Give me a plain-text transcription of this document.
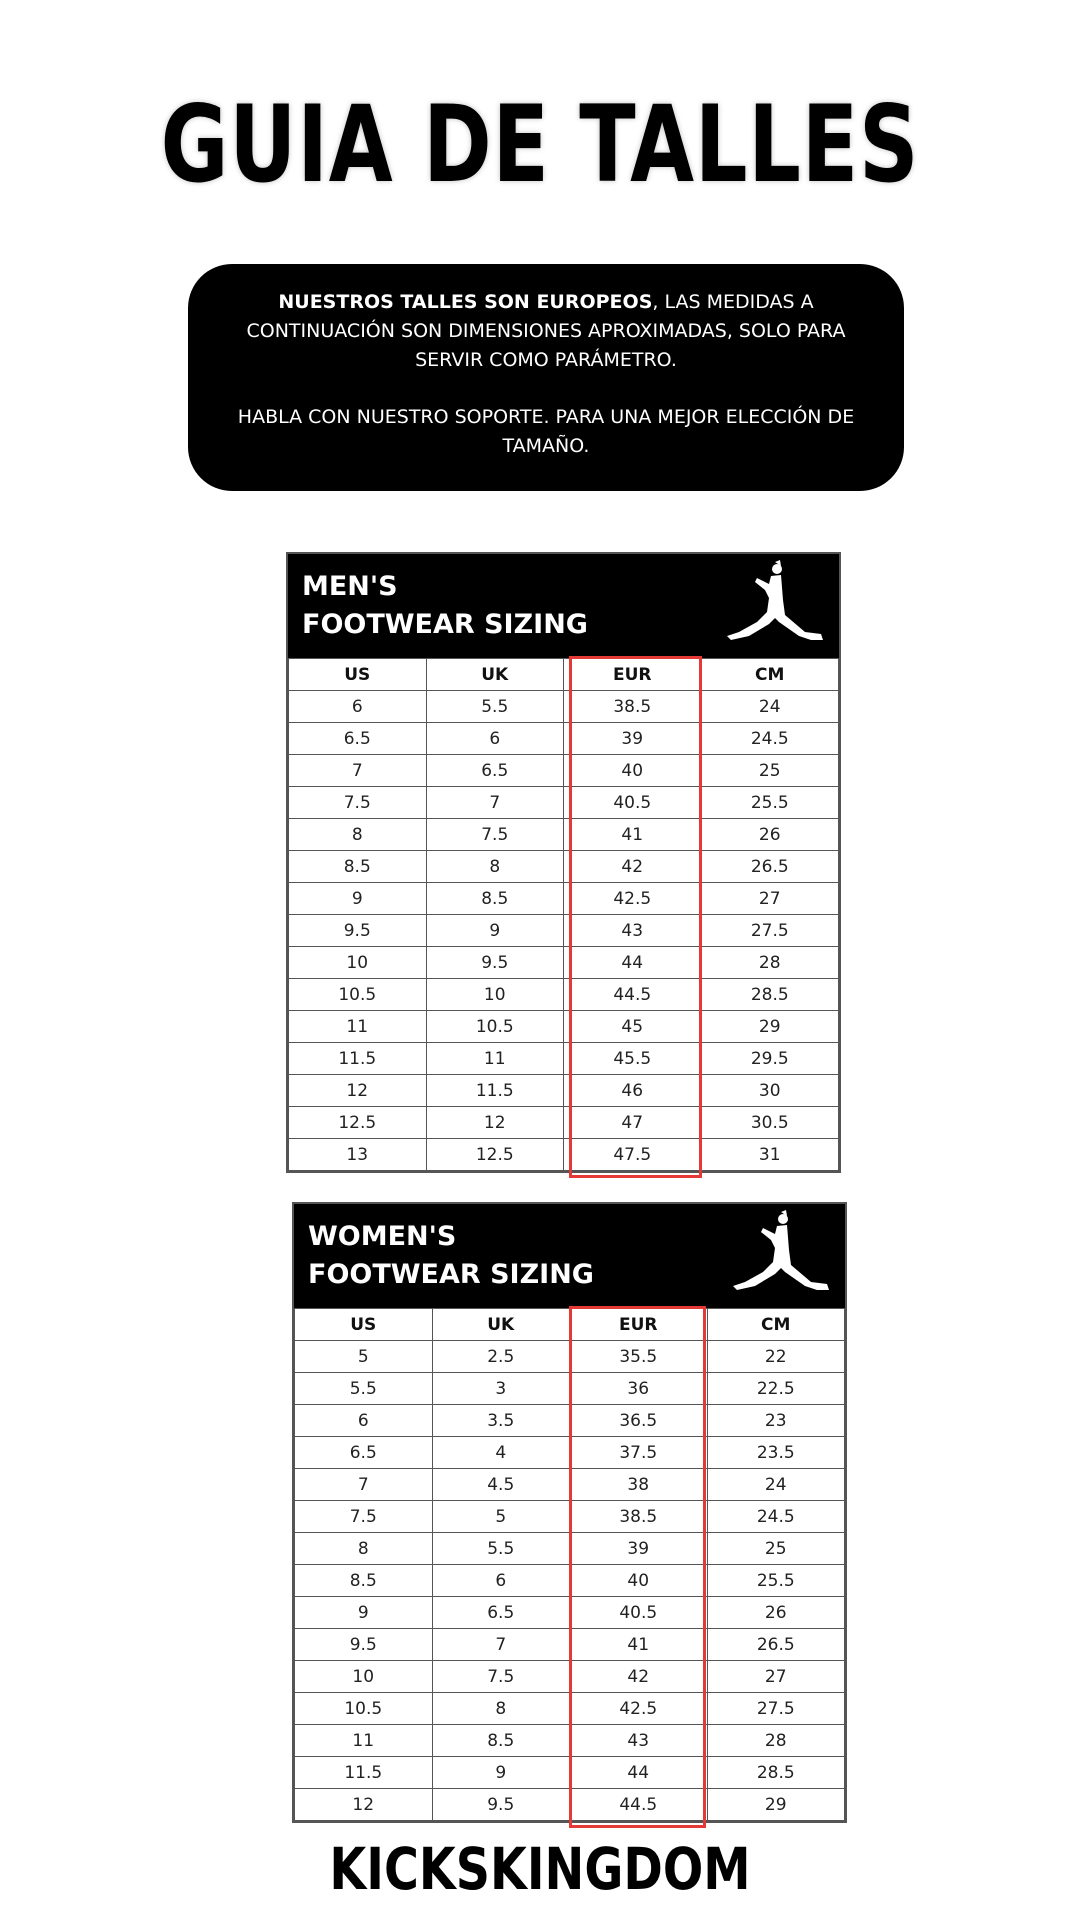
GUIA DE TALLES

NUESTROS TALLES SON EUROPEOS, LAS MEDIDAS A CONTINUACIÓN SON DIMENSIONES APROXIMADAS, SOLO PARA SERVIR COMO PARÁMETRO.

HABLA CON NUESTRO SOPORTE. PARA UNA MEJOR ELECCIÓN DE TAMAÑO.

MEN'S
FOOTWEAR SIZING
US	UK	EUR	CM
6	5.5	38.5	24
6.5	6	39	24.5
7	6.5	40	25
7.5	7	40.5	25.5
8	7.5	41	26
8.5	8	42	26.5
9	8.5	42.5	27
9.5	9	43	27.5
10	9.5	44	28
10.5	10	44.5	28.5
11	10.5	45	29
11.5	11	45.5	29.5
12	11.5	46	30
12.5	12	47	30.5
13	12.5	47.5	31
WOMEN'S
FOOTWEAR SIZING
US	UK	EUR	CM
5	2.5	35.5	22
5.5	3	36	22.5
6	3.5	36.5	23
6.5	4	37.5	23.5
7	4.5	38	24
7.5	5	38.5	24.5
8	5.5	39	25
8.5	6	40	25.5
9	6.5	40.5	26
9.5	7	41	26.5
10	7.5	42	27
10.5	8	42.5	27.5
11	8.5	43	28
11.5	9	44	28.5
12	9.5	44.5	29
KICKSKINGDOM
